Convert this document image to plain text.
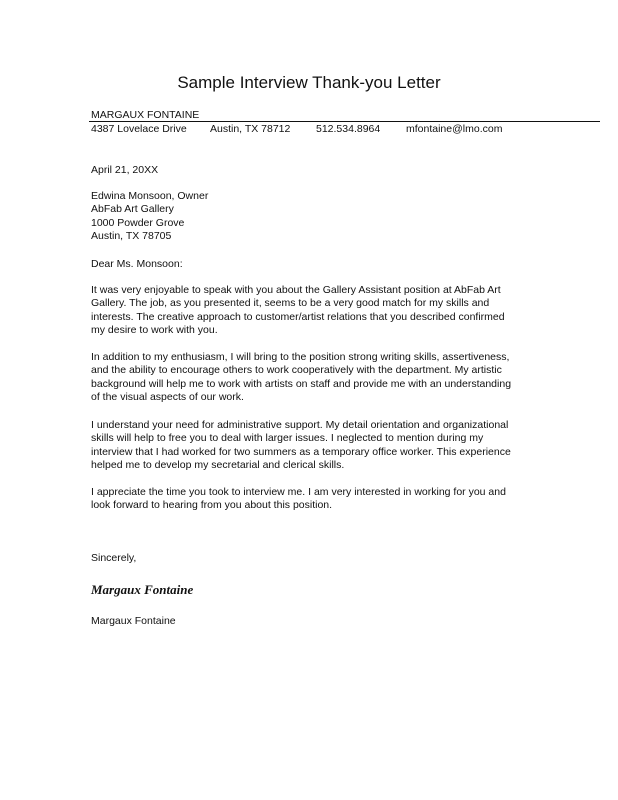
Sample Interview Thank-you Letter
MARGAUX FONTAINE
4387 Lovelace Drive Austin, TX 78712 512.534.8964 mfontaine@lmo.com
April 21, 20XX
Edwina Monsoon, Owner
AbFab Art Gallery
1000 Powder Grove
Austin, TX 78705
Dear Ms. Monsoon:
It was very enjoyable to speak with you about the Gallery Assistant position at AbFab Art
Gallery. The job, as you presented it, seems to be a very good match for my skills and
interests. The creative approach to customer/artist relations that you described confirmed
my desire to work with you.
In addition to my enthusiasm, I will bring to the position strong writing skills, assertiveness,
and the ability to encourage others to work cooperatively with the department. My artistic
background will help me to work with artists on staff and provide me with an understanding
of the visual aspects of our work.
I understand your need for administrative support. My detail orientation and organizational
skills will help to free you to deal with larger issues. I neglected to mention during my
interview that I had worked for two summers as a temporary office worker. This experience
helped me to develop my secretarial and clerical skills.
I appreciate the time you took to interview me. I am very interested in working for you and
look forward to hearing from you about this position.
Sincerely,
Margaux Fontaine
Margaux Fontaine
